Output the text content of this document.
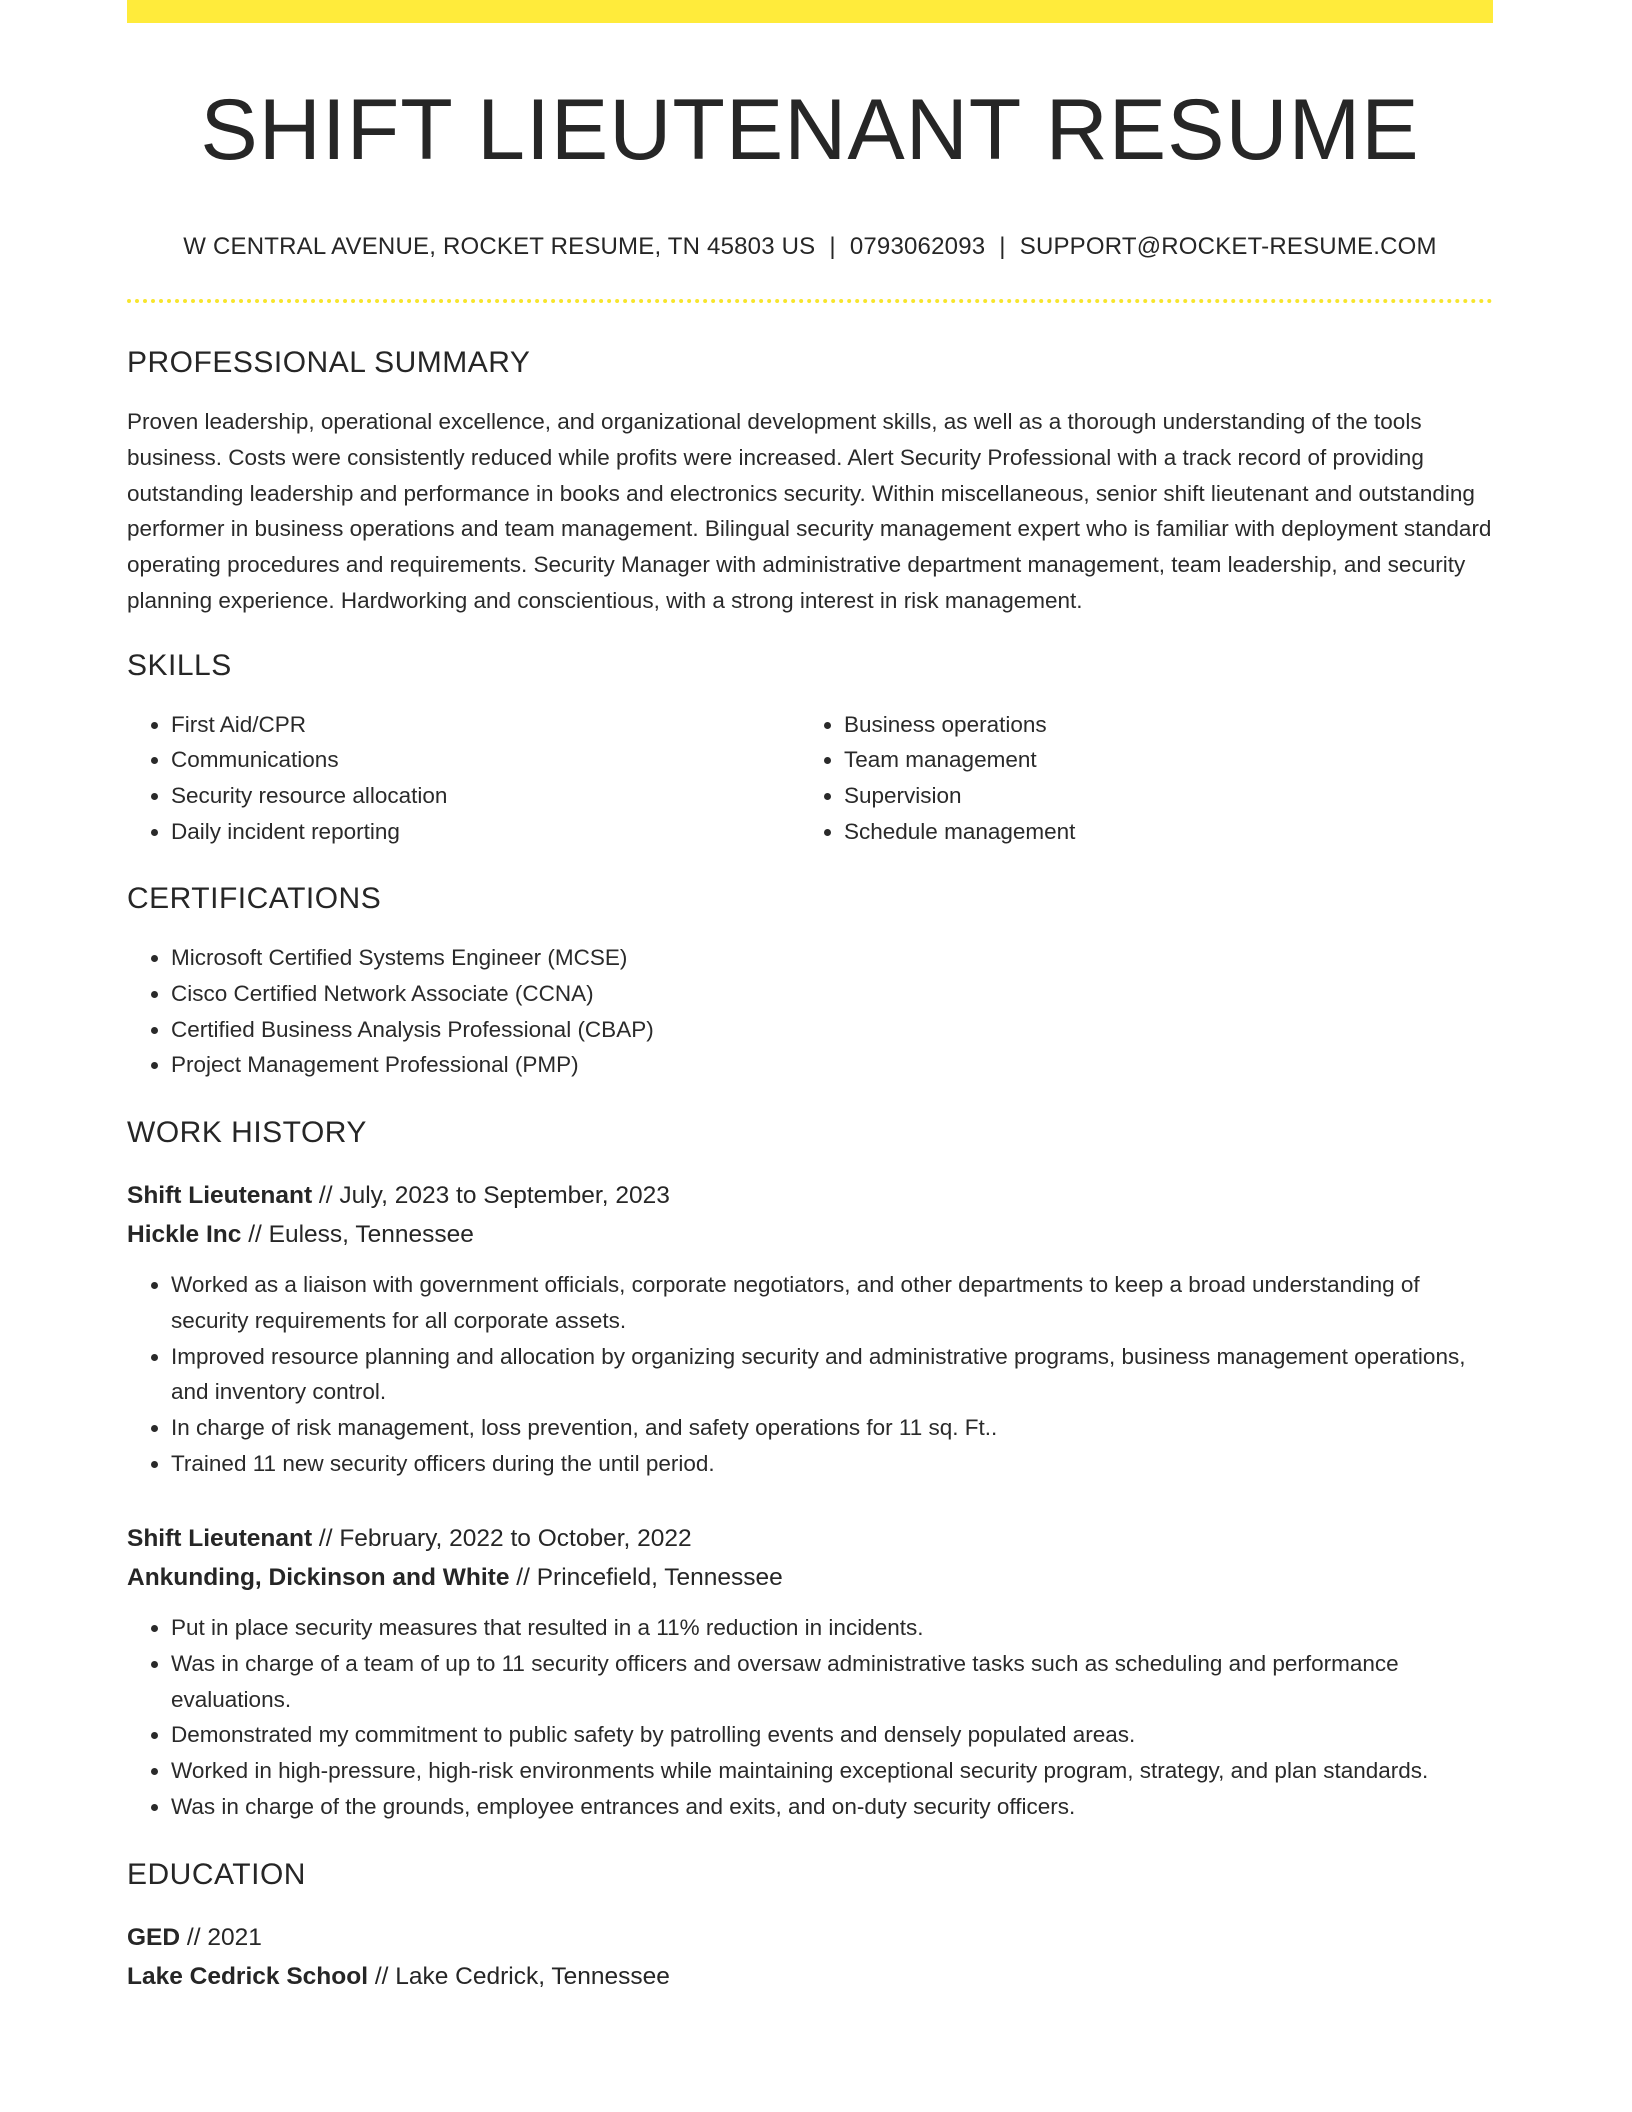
SHIFT LIEUTENANT RESUME
W CENTRAL AVENUE, ROCKET RESUME, TN 45803 US | 0793062093 | SUPPORT@ROCKET-RESUME.COM
PROFESSIONAL SUMMARY

Proven leadership, operational excellence, and organizational development skills, as well as a thorough understanding of the tools business. Costs were consistently reduced while profits were increased. Alert Security Professional with a track record of providing outstanding leadership and performance in books and electronics security. Within miscellaneous, senior shift lieutenant and outstanding performer in business operations and team management. Bilingual security management expert who is familiar with deployment standard operating procedures and requirements. Security Manager with administrative department management, team leadership, and security planning experience. Hardworking and conscientious, with a strong interest in risk management.

SKILLS
• First Aid/CPR
• Communications
• Security resource allocation
• Daily incident reporting
• Business operations
• Team management
• Supervision
• Schedule management
CERTIFICATIONS
• Microsoft Certified Systems Engineer (MCSE)
• Cisco Certified Network Associate (CCNA)
• Certified Business Analysis Professional (CBAP)
• Project Management Professional (PMP)
WORK HISTORY
Shift Lieutenant // July, 2023 to September, 2023
Hickle Inc // Euless, Tennessee
• Worked as a liaison with government officials, corporate negotiators, and other departments to keep a broad understanding of security requirements for all corporate assets.
• Improved resource planning and allocation by organizing security and administrative programs, business management operations, and inventory control.
• In charge of risk management, loss prevention, and safety operations for 11 sq. Ft..
• Trained 11 new security officers during the until period.
Shift Lieutenant // February, 2022 to October, 2022
Ankunding, Dickinson and White // Princefield, Tennessee
• Put in place security measures that resulted in a 11% reduction in incidents.
• Was in charge of a team of up to 11 security officers and oversaw administrative tasks such as scheduling and performance evaluations.
• Demonstrated my commitment to public safety by patrolling events and densely populated areas.
• Worked in high-pressure, high-risk environments while maintaining exceptional security program, strategy, and plan standards.
• Was in charge of the grounds, employee entrances and exits, and on-duty security officers.
EDUCATION
GED // 2021
Lake Cedrick School // Lake Cedrick, Tennessee
